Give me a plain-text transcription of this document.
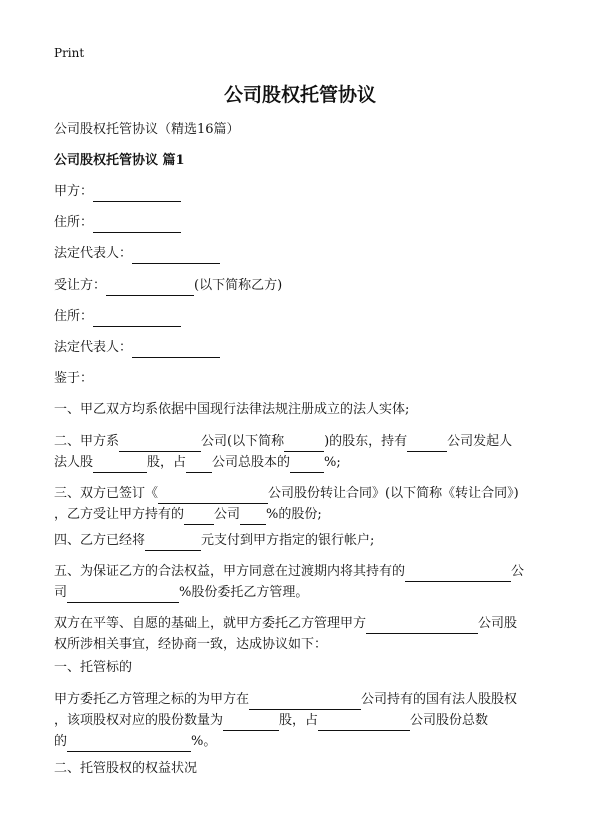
Print
公司股权托管协议
公司股权托管协议（精选16篇）
公司股权托管协议 篇1
甲方：
住所：
法定代表人：
受让方：	(以下简称乙方)
住所：
法定代表人：
鉴于：
一、甲乙双方均系依据中国现行法律法规注册成立的法人实体;
二、甲方系	公司(以下简称	)的股东，持有	公司发起人
法人股	股，占 公司总股本的	%;
三、双方已签订《	公司股份转让合同》(以下简称《转让合同》)
，乙方受让甲方持有的 公司 %的股份;
四、乙方已经将	元支付到甲方指定的银行帐户;
五、为保证乙方的合法权益，甲方同意在过渡期内将其持有的	公
司	%股份委托乙方管理。
双方在平等、自愿的基础上，就甲方委托乙方管理甲方	公司股
权所涉相关事宜，经协商一致，达成协议如下：
一、托管标的
甲方委托乙方管理之标的为甲方在	公司持有的国有法人股股权
，该项股权对应的股份数量为	股，占	公司股份总数
的	%。
二、托管股权的权益状况
